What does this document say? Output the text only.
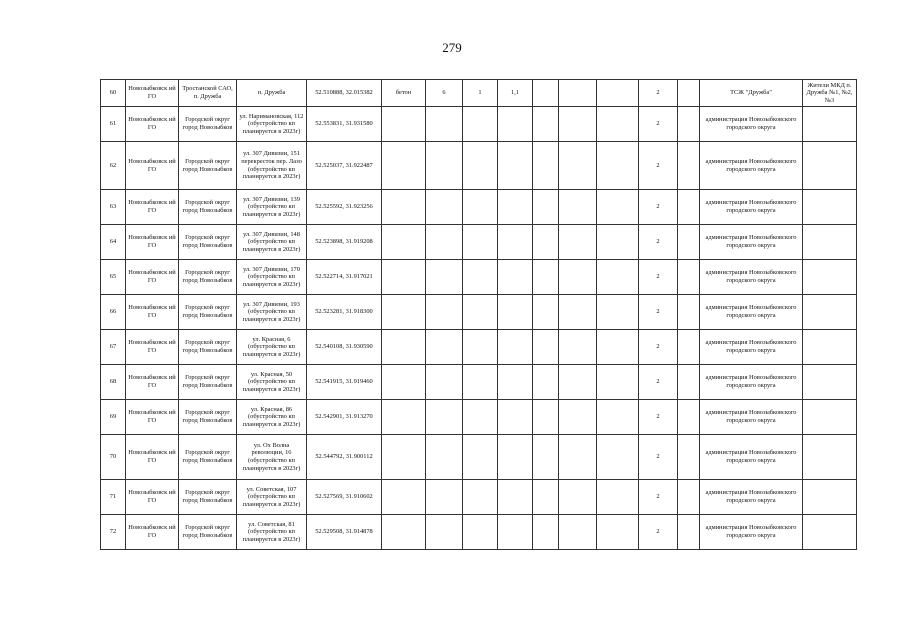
279
60	Новозыбковск ий ГО	Тростанской САО, п. Дружба	п. Дружба	52.510888, 32.015382	бетон	6	1	1,1				2		ТСЖ "Дружба"	Жители МКД п. Дружба №1, №2, №3
61	Новозыбковск ий ГО	Городской округ город Новозыбков	ул. Наримановская, 112 (обустройство кп планируется в 2023г)	52.553831, 31.931580								2		администрация Новозыбковского городского округа	
62	Новозыбковск ий ГО	Городской округ город Новозыбков	ул. 307 Дивизии, 151 перекресток пер. Лазо (обустройство кп планируется в 2023г)	52.525037, 31.922487								2		администрация Новозыбковского городского округа	
63	Новозыбковск ий ГО	Городской округ город Новозыбков	ул. 307 Дивизии, 139 (обустройство кп планируется в 2023г)	52.525592, 31.923256								2		администрация Новозыбковского городского округа	
64	Новозыбковск ий ГО	Городской округ город Новозыбков	ул. 307 Дивизии, 148 (обустройство кп планируется в 2023г)	52.523898, 31.919208								2		администрация Новозыбковского городского округа	
65	Новозыбковск ий ГО	Городской округ город Новозыбков	ул. 307 Дивизии, 170 (обустройство кп планируется в 2023г)	52.522714, 31.917021								2		администрация Новозыбковского городского округа	
66	Новозыбковск ий ГО	Городской округ город Новозыбков	ул. 307 Дивизии, 193 (обустройство кп планируется в 2023г)	52.523281, 31.918300								2		администрация Новозыбковского городского округа	
67	Новозыбковск ий ГО	Городской округ город Новозыбков	ул. Красная, 6 (обустройство кп планируется в 2023г)	52.540108, 31.930590								2		администрация Новозыбковского городского округа	
68	Новозыбковск ий ГО	Городской округ город Новозыбков	ул. Красная, 50 (обустройство кп планируется в 2023г)	52.541915, 31.919460								2		администрация Новозыбковского городского округа	
69	Новозыбковск ий ГО	Городской округ город Новозыбков	ул. Красная, 86 (обустройство кп планируется в 2023г)	52.542901, 31.913270								2		администрация Новозыбковского городского округа	
70	Новозыбковск ий ГО	Городской округ город Новозыбков	ул. Ох Волна революции, 16 (обустройство кп планируется в 2023г)	52.544792, 31.900112								2		администрация Новозыбковского городского округа	
71	Новозыбковск ий ГО	Городской округ город Новозыбков	ул. Советская, 107 (обустройство кп планируется в 2023г)	52.527569, 31.910602								2		администрация Новозыбковского городского округа	
72	Новозыбковск ий ГО	Городской округ город Новозыбков	ул. Советская, 81 (обустройство кп планируется в 2023г)	52.529508, 31.914878								2		администрация Новозыбковского городского округа	
